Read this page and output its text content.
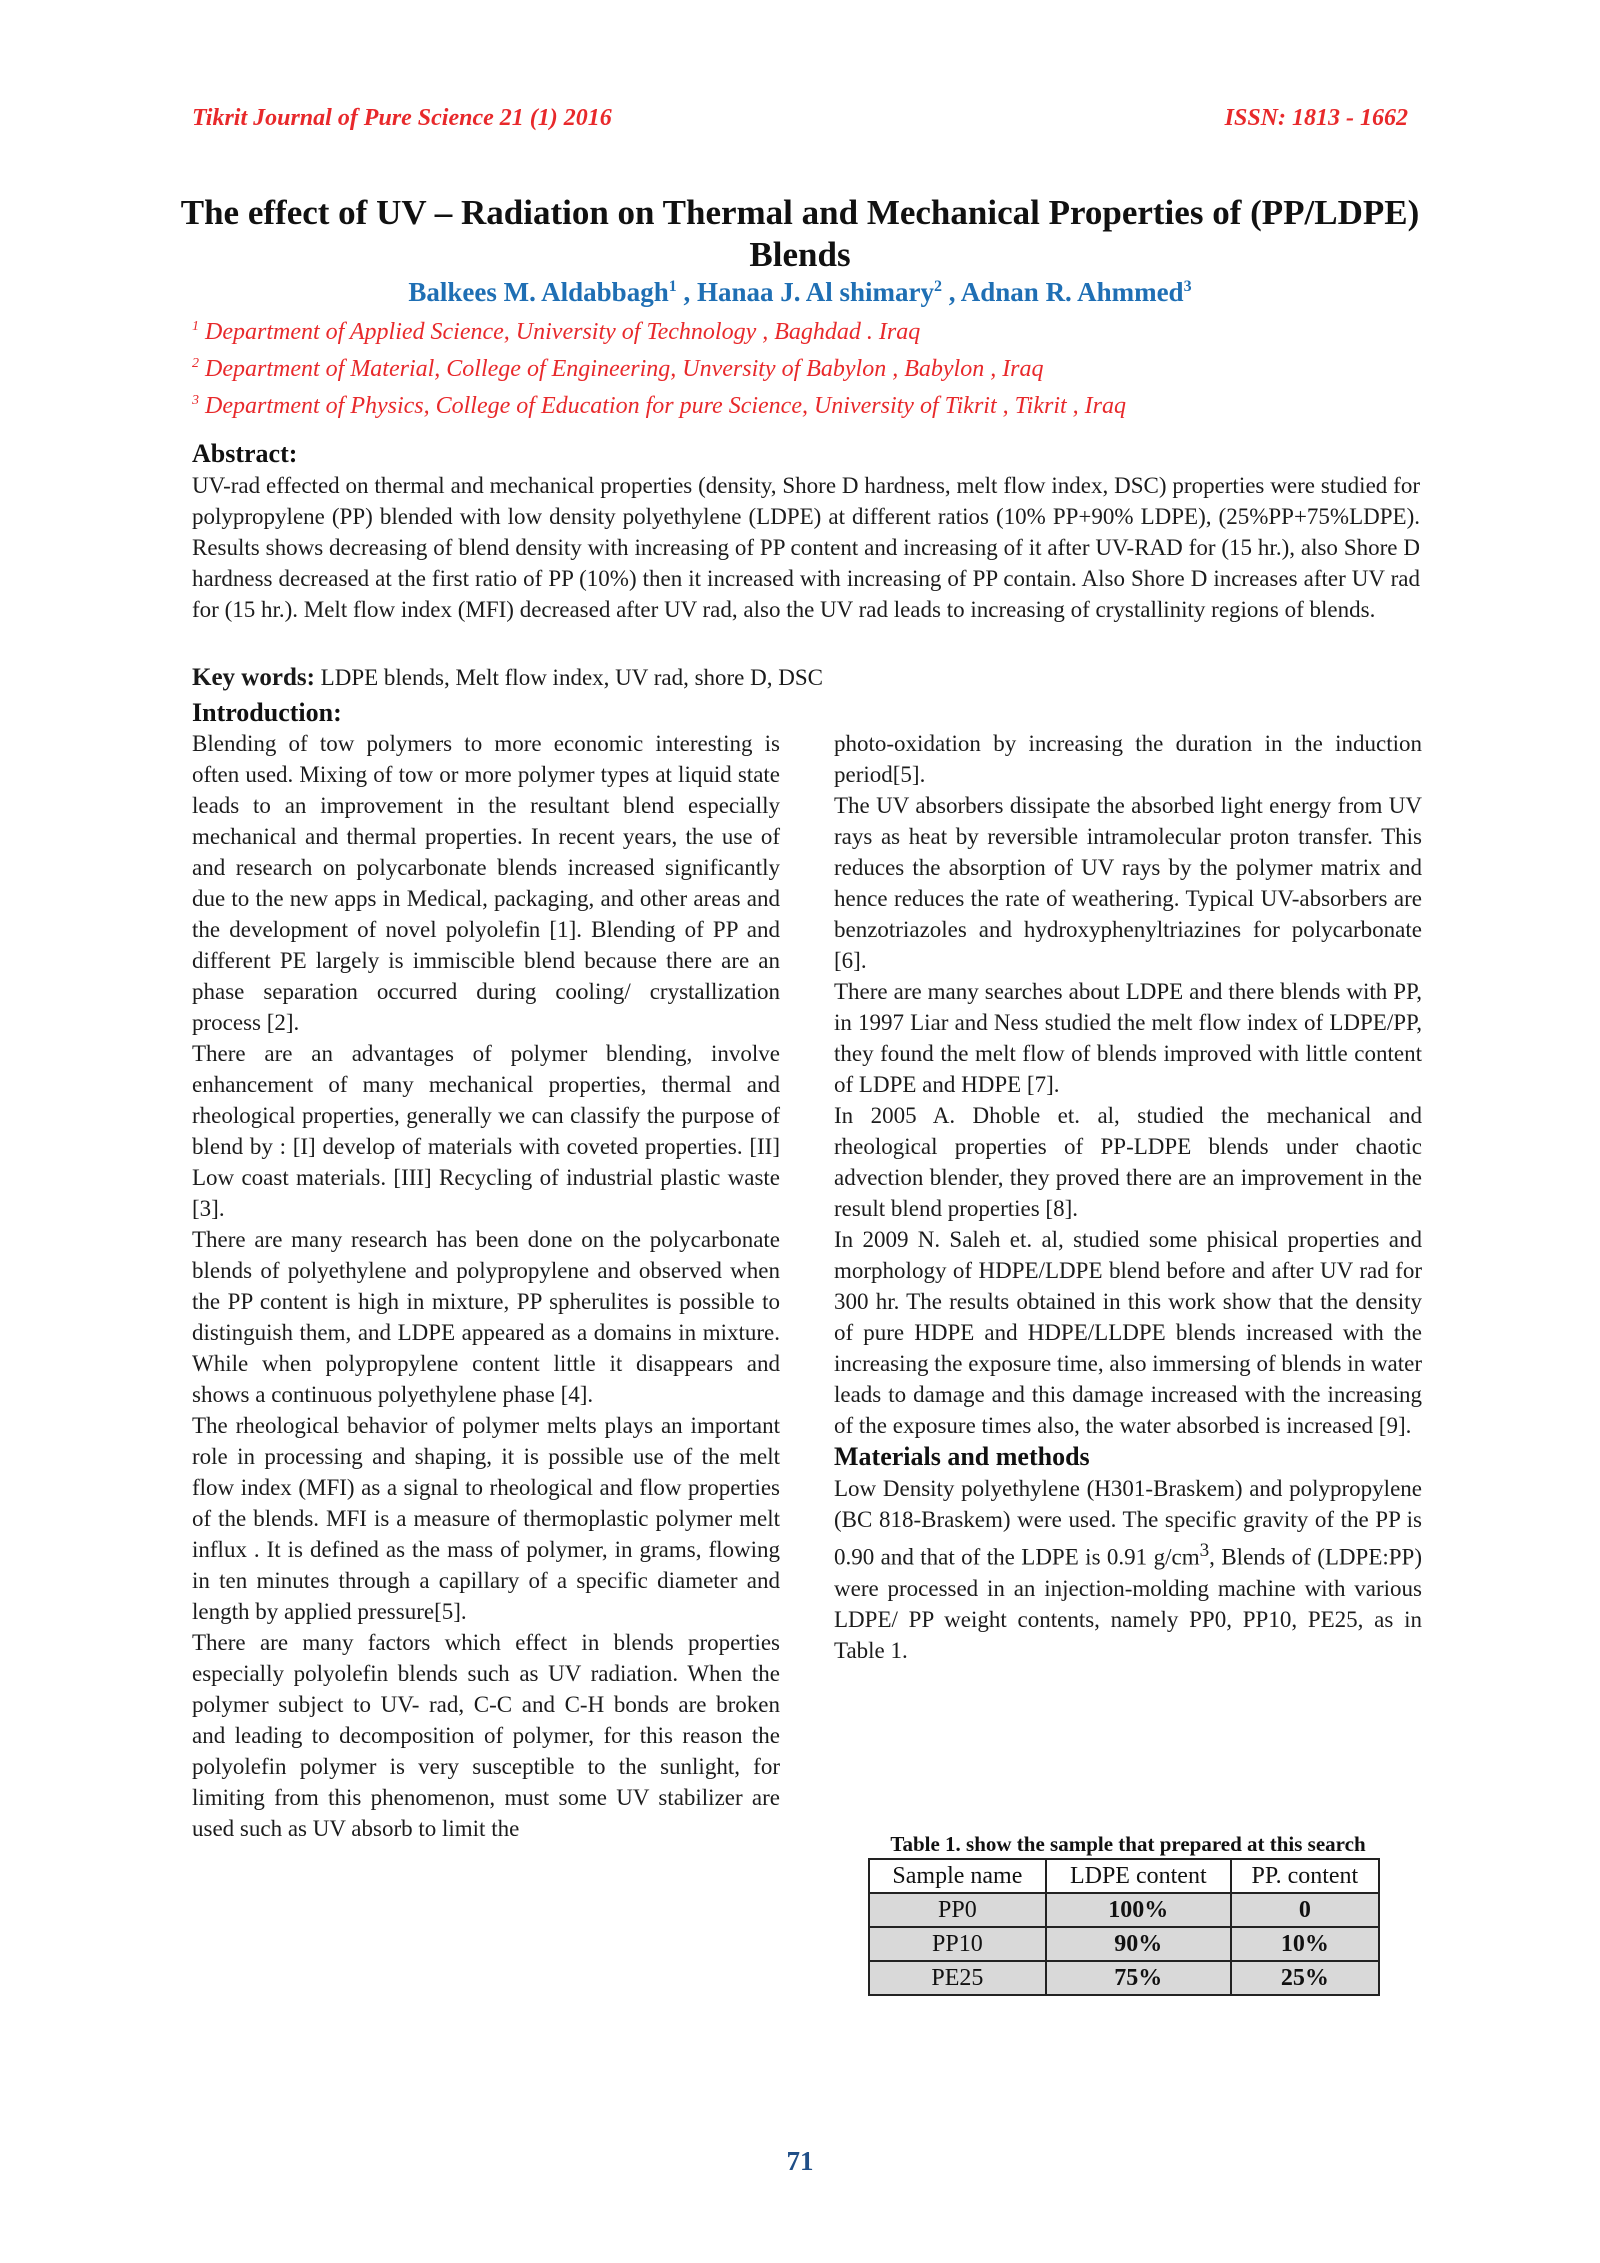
Tikrit Journal of Pure Science 21 (1) 2016	ISSN: 1813 - 1662
The effect of UV – Radiation on Thermal and Mechanical Properties of (PP/LDPE) Blends
Balkees M. Aldabbagh$^1$ , Hanaa J. Al shimary$^2$ , Adnan R. Ahmmed$^3$
$^1$ Department of Applied Science, University of Technology , Baghdad . Iraq
$^2$ Department of Material, College of Engineering, Unversity of Babylon , Babylon , Iraq
$^3$ Department of Physics, College of Education for pure Science, University of Tikrit , Tikrit , Iraq
Abstract:
UV-rad effected on thermal and mechanical properties (density, Shore D hardness, melt flow index, DSC) properties were studied for polypropylene (PP) blended with low density polyethylene (LDPE) at different ratios (10% PP+90% LDPE), (25%PP+75%LDPE). Results shows decreasing of blend density with increasing of PP content and increasing of it after UV-RAD for (15 hr.), also Shore D hardness decreased at the first ratio of PP (10%) then it increased with increasing of PP contain. Also Shore D increases after UV rad for (15 hr.). Melt flow index (MFI) decreased after UV rad, also the UV rad leads to increasing of crystallinity regions of blends.
Key words: LDPE blends, Melt flow index, UV rad, shore D, DSC
Introduction:

Blending of tow polymers to more economic interesting is often used. Mixing of tow or more polymer types at liquid state leads to an improvement in the resultant blend especially mechanical and thermal properties. In recent years, the use of and research on polycarbonate blends increased significantly due to the new apps in Medical, packaging, and other areas and the development of novel polyolefin [1]. Blending of PP and different PE largely is immiscible blend because there are an phase separation occurred during cooling/ crystallization process [2].

There are an advantages of polymer blending, involve enhancement of many mechanical properties, thermal and rheological properties, generally we can classify the purpose of blend by : [I] develop of materials with coveted properties. [II] Low coast materials. [III] Recycling of industrial plastic waste [3].

There are many research has been done on the polycarbonate blends of polyethylene and polypropylene and observed when the PP content is high in mixture, PP spherulites is possible to distinguish them, and LDPE appeared as a domains in mixture. While when polypropylene content little it disappears and shows a continuous polyethylene phase [4].

The rheological behavior of polymer melts plays an important role in processing and shaping, it is possible use of the melt flow index (MFI) as a signal to rheological and flow properties of the blends. MFI is a measure of thermoplastic polymer melt influx . It is defined as the mass of polymer, in grams, flowing in ten minutes through a capillary of a specific diameter and length by applied pressure[5].

There are many factors which effect in blends properties especially polyolefin blends such as UV radiation. When the polymer subject to UV- rad, C-C and C-H bonds are broken and leading to decomposition of polymer, for this reason the polyolefin polymer is very susceptible to the sunlight, for limiting from this phenomenon, must some UV stabilizer are used such as UV absorb to limit the

photo-oxidation by increasing the duration in the induction period[5].

The UV absorbers dissipate the absorbed light energy from UV rays as heat by reversible intramolecular proton transfer. This reduces the absorption of UV rays by the polymer matrix and hence reduces the rate of weathering. Typical UV-absorbers are benzotriazoles and hydroxyphenyltriazines for polycarbonate [6].

There are many searches about LDPE and there blends with PP, in 1997 Liar and Ness studied the melt flow index of LDPE/PP, they found the melt flow of blends improved with little content of LDPE and HDPE [7].

In 2005 A. Dhoble et. al, studied the mechanical and rheological properties of PP-LDPE blends under chaotic advection blender, they proved there are an improvement in the result blend properties [8].

In 2009 N. Saleh et. al, studied some phisical properties and morphology of HDPE/LDPE blend before and after UV rad for 300 hr. The results obtained in this work show that the density of pure HDPE and HDPE/LLDPE blends increased with the increasing the exposure time, also immersing of blends in water leads to damage and this damage increased with the increasing of the exposure times also, the water absorbed is increased [9].

Materials and methods

Low Density polyethylene (H301-Braskem) and polypropylene (BC 818-Braskem) were used. The specific gravity of the PP is 0.90 and that of the LDPE is 0.91 $g/cm^3$, Blends of (LDPE:PP) were processed in an injection-molding machine with various LDPE/ PP weight contents, namely PP0, PP10, PE25, as in Table 1.

Table 1. show the sample that prepared at this search
Sample name	LDPE content	PP. content
PP0	100%	0
PP10	90%	10%
PE25	75%	25%
71
